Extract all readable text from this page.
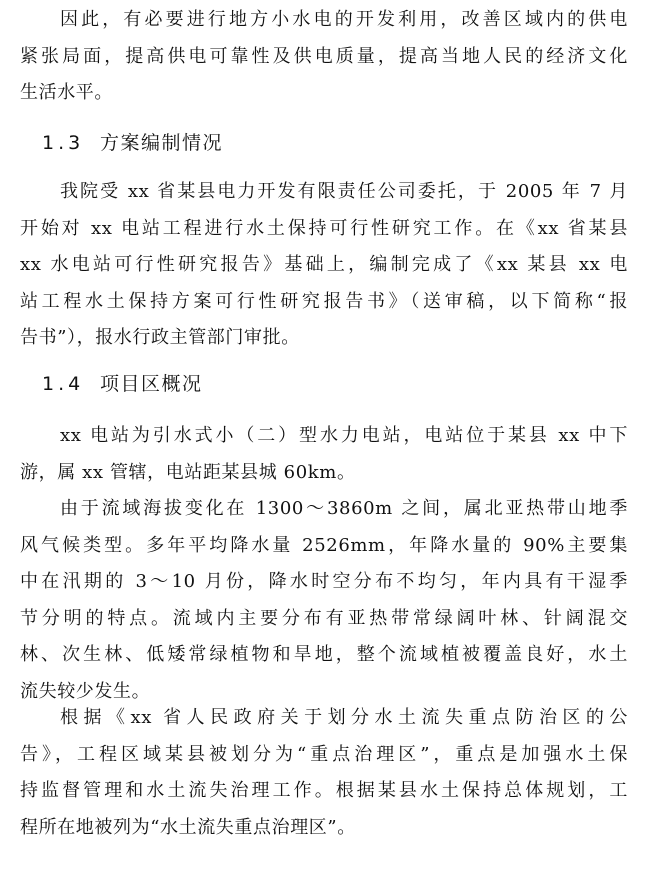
因此，有必要进行地方小水电的开发利用，改善区域内的供电
紧张局面，提高供电可靠性及供电质量，提高当地人民的经济文化
生活水平。
1.3 方案编制情况
我院受 xx 省某县电力开发有限责任公司委托，于 2005 年 7 月
开始对 xx 电站工程进行水土保持可行性研究工作。在《xx 省某县
xx 水电站可行性研究报告》基础上，编制完成了《xx 某县 xx 电
站工程水土保持方案可行性研究报告书》（送审稿，以下简称“报
告书”），报水行政主管部门审批。
1.4 项目区概况
xx 电站为引水式小（二）型水力电站，电站位于某县 xx 中下
游，属 xx 管辖，电站距某县城 60km。
由于流域海拔变化在 1300～3860m 之间，属北亚热带山地季
风气候类型。多年平均降水量 2526mm，年降水量的 90%主要集
中在汛期的 3～10 月份，降水时空分布不均匀，年内具有干湿季
节分明的特点。流域内主要分布有亚热带常绿阔叶林、针阔混交
林、次生林、低矮常绿植物和旱地，整个流域植被覆盖良好，水土
流失较少发生。
根据《xx 省人民政府关于划分水土流失重点防治区的公
告》，工程区域某县被划分为“重点治理区”，重点是加强水土保
持监督管理和水土流失治理工作。根据某县水土保持总体规划，工
程所在地被列为“水土流失重点治理区”。
